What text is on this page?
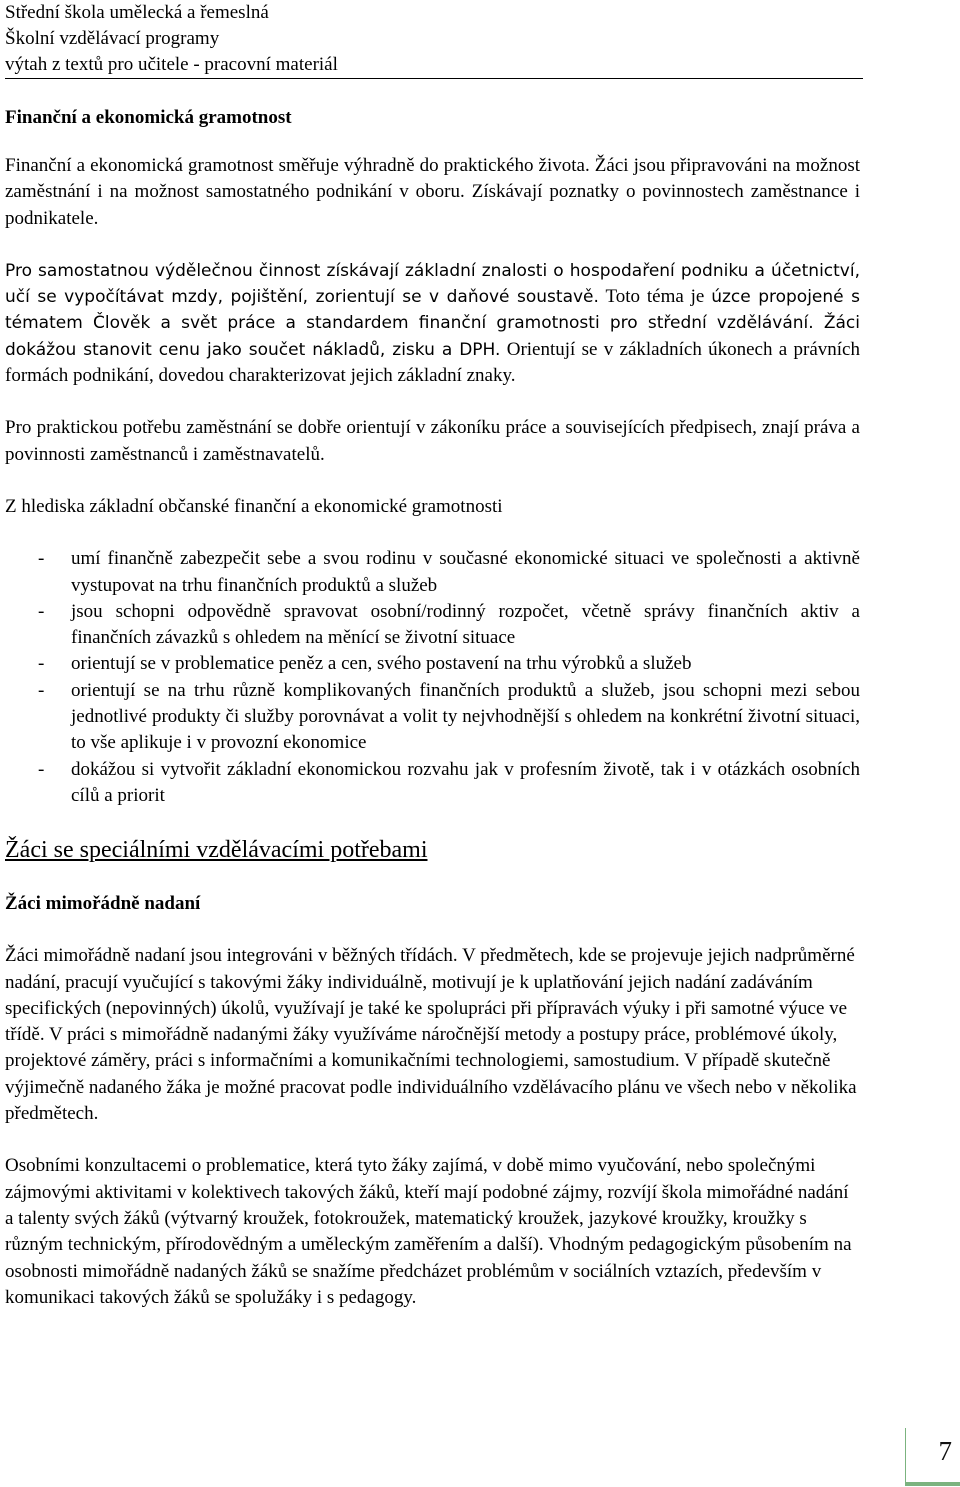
Střední škola umělecká a řemeslná
Školní vzdělávací programy
výtah z textů pro učitele - pracovní materiál
Finanční a ekonomická gramotnost

Finanční a ekonomická gramotnost směřuje výhradně do praktického života. Žáci jsou připravováni na možnost zaměstnání i na možnost samostatného podnikání v oboru. Získávají poznatky o povinnostech zaměstnance i podnikatele.

Pro samostatnou výdělečnou činnost získávají základní znalosti o hospodaření podniku a účetnictví, učí se vypočítávat mzdy, pojištění, zorientují se v daňové soustavě. Toto téma je úzce propojené s tématem Člověk a svět práce a standardem finanční gramotnosti pro střední vzdělávání. Žáci dokážou stanovit cenu jako součet nákladů, zisku a DPH. Orientují se v základních úkonech a právních formách podnikání, dovedou charakterizovat jejich základní znaky.

Pro praktickou potřebu zaměstnání se dobře orientují v zákoníku práce a souvisejících předpisech, znají práva a povinnosti zaměstnanců i zaměstnavatelů.

Z hlediska základní občanské finanční a ekonomické gramotnosti

- umí finančně zabezpečit sebe a svou rodinu v současné ekonomické situaci ve společnosti a aktivně vystupovat na trhu finančních produktů a služeb
- jsou schopni odpovědně spravovat osobní/rodinný rozpočet, včetně správy finančních aktiv a finančních závazků s ohledem na měnící se životní situace
- orientují se v problematice peněz a cen, svého postavení na trhu výrobků a služeb
- orientují se na trhu různě komplikovaných finančních produktů a služeb, jsou schopni mezi sebou jednotlivé produkty či služby porovnávat a volit ty nejvhodnější s ohledem na konkrétní životní situaci, to vše aplikuje i v provozní ekonomice
- dokážou si vytvořit základní ekonomickou rozvahu jak v profesním životě, tak i v otázkách osobních cílů a priorit
Žáci se speciálními vzdělávacími potřebami
Žáci mimořádně nadaní

Žáci mimořádně nadaní jsou integrováni v běžných třídách. V předmětech, kde se projevuje jejich nadprůměrné nadání, pracují vyučující s takovými žáky individuálně, motivují je k uplatňování jejich nadání zadáváním specifických (nepovinných) úkolů, využívají je také ke spolupráci při přípravách výuky i při samotné výuce ve třídě. V práci s mimořádně nadanými žáky využíváme náročnější metody a postupy práce, problémové úkoly, projektové záměry, práci s informačními a komunikačními technologiemi, samostudium. V případě skutečně výjimečně nadaného žáka je možné pracovat podle individuálního vzdělávacího plánu ve všech nebo v několika předmětech.

Osobními konzultacemi o problematice, která tyto žáky zajímá, v době mimo vyučování, nebo společnými zájmovými aktivitami v kolektivech takových žáků, kteří mají podobné zájmy, rozvíjí škola mimořádné nadání a talenty svých žáků (výtvarný kroužek, fotokroužek, matematický kroužek, jazykové kroužky, kroužky s různým technickým, přírodovědným a uměleckým zaměřením a další). Vhodným pedagogickým působením na osobnosti mimořádně nadaných žáků se snažíme předcházet problémům v sociálních vztazích, především v komunikaci takových žáků se spolužáky i s pedagogy.

7
